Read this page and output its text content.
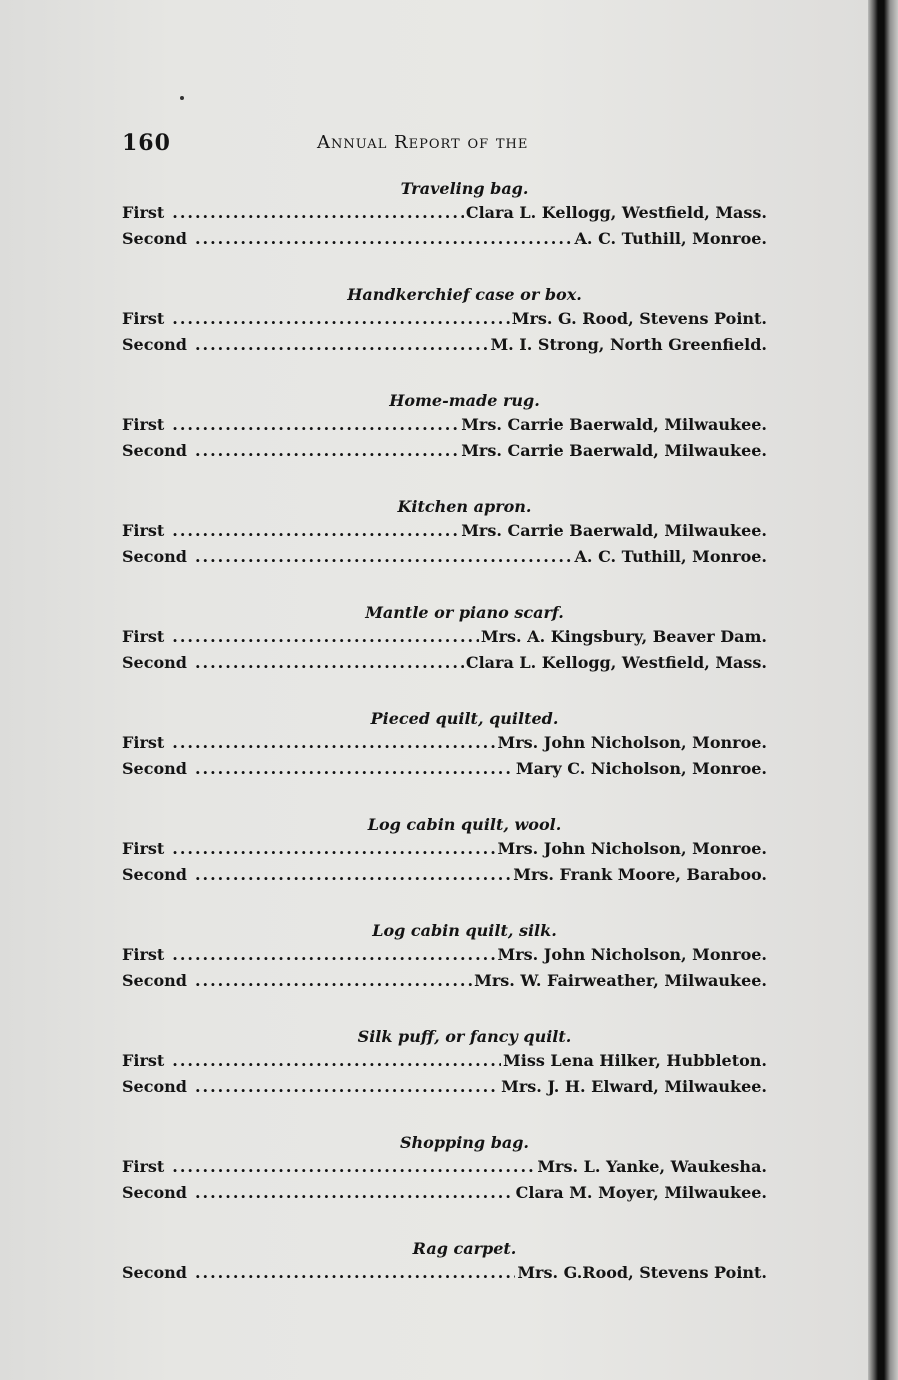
160	Annual Report of the
Traveling bag.
First .....	Clara L. Kellogg, Westfield, Mass.
Second .....	A. C. Tuthill, Monroe.
Handkerchief case or box.
First .....	Mrs. G. Rood, Stevens Point.
Second .....	M. I. Strong, North Greenfield.
Home-made rug.
First .....	Mrs. Carrie Baerwald, Milwaukee.
Second .....	Mrs. Carrie Baerwald, Milwaukee.
Kitchen apron.
First .....	Mrs. Carrie Baerwald, Milwaukee.
Second .....	A. C. Tuthill, Monroe.
Mantle or piano scarf.
First .....	Mrs. A. Kingsbury, Beaver Dam.
Second .....	Clara L. Kellogg, Westfield, Mass.
Pieced quilt, quilted.
First .....	Mrs. John Nicholson, Monroe.
Second .....	Mary C. Nicholson, Monroe.
Log cabin quilt, wool.
First .....	Mrs. John Nicholson, Monroe.
Second .....	Mrs. Frank Moore, Baraboo.
Log cabin quilt, silk.
First .....	Mrs. John Nicholson, Monroe.
Second .....	Mrs. W. Fairweather, Milwaukee.
Silk puff, or fancy quilt.
First .....	Miss Lena Hilker, Hubbleton.
Second .....	Mrs. J. H. Elward, Milwaukee.
Shopping bag.
First .....	Mrs. L. Yanke, Waukesha.
Second .....	Clara M. Moyer, Milwaukee.
Rag carpet.
Second .....	Mrs. G.Rood, Stevens Point.
